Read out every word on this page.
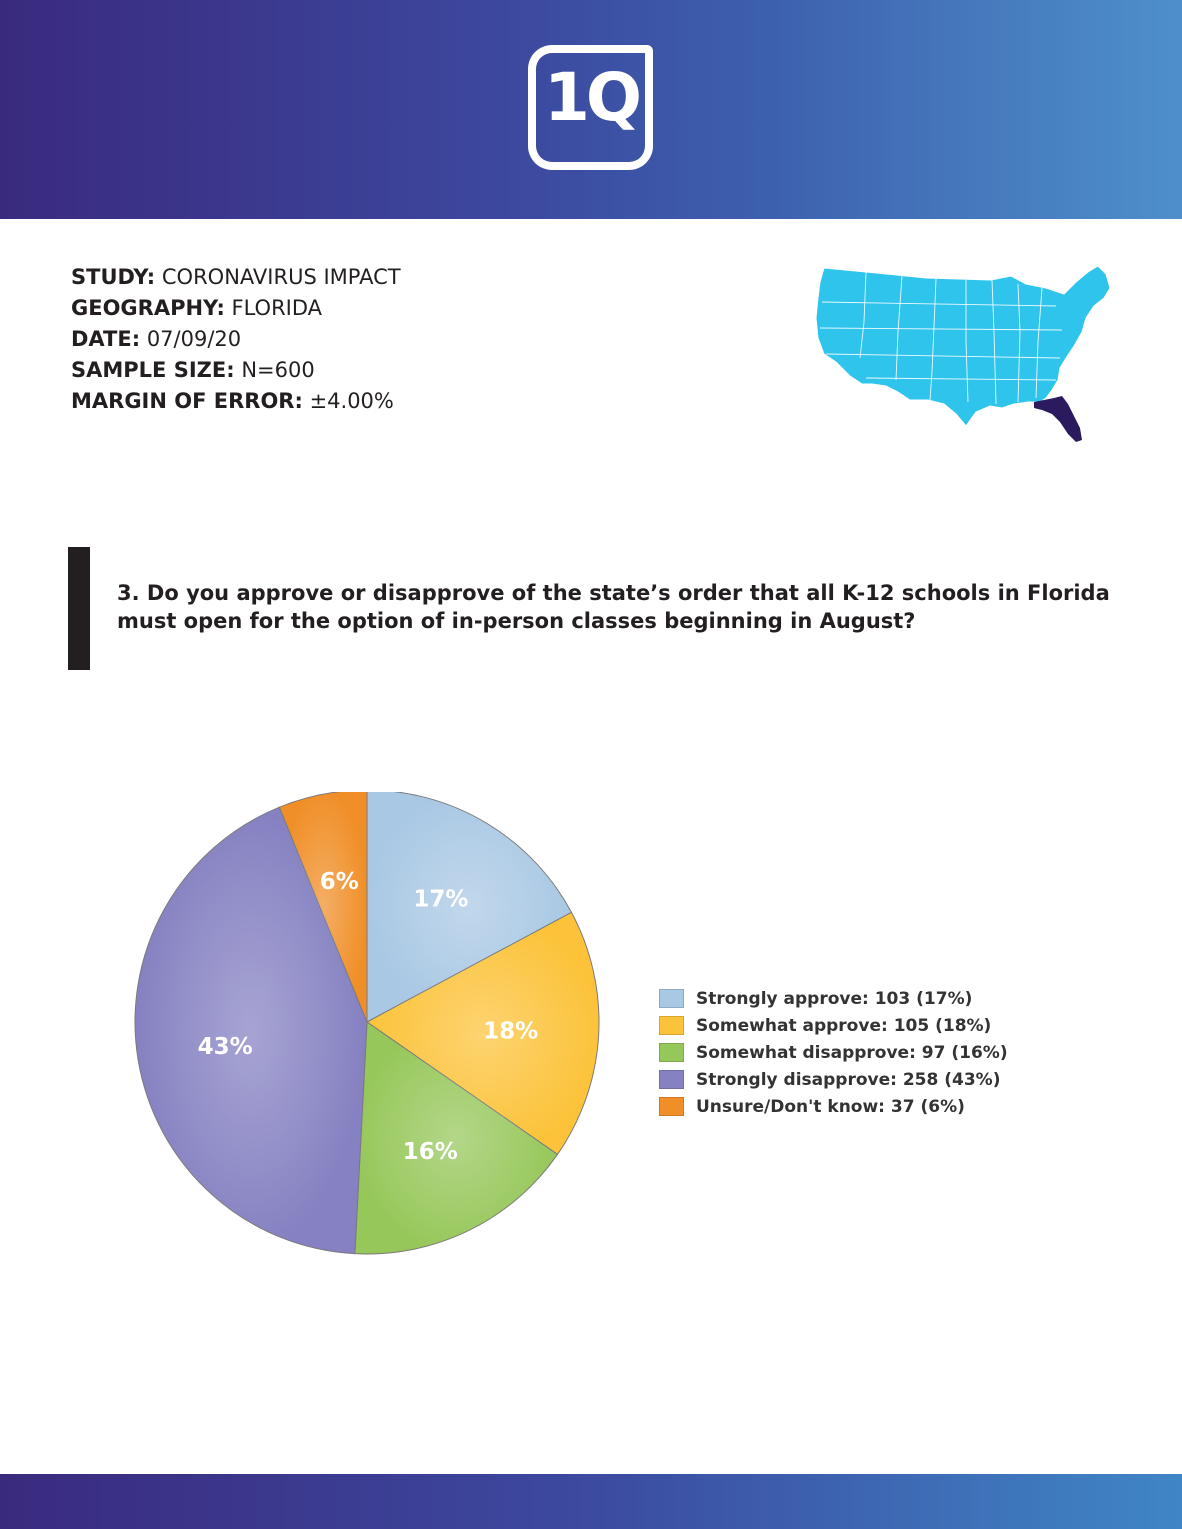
1Q
STUDY: CORONAVIRUS IMPACT
GEOGRAPHY: FLORIDA
DATE: 07/09/20
SAMPLE SIZE: N=600
MARGIN OF ERROR: ±4.00%
3. Do you approve or disapprove of the state’s order that all K-12 schools in Florida must open for the option of in-person classes beginning in August?
17%
18%
16%
43%
6%
Strongly approve: 103 (17%)
Somewhat approve: 105 (18%)
Somewhat disapprove: 97 (16%)
Strongly disapprove: 258 (43%)
Unsure/Don't know: 37 (6%)
